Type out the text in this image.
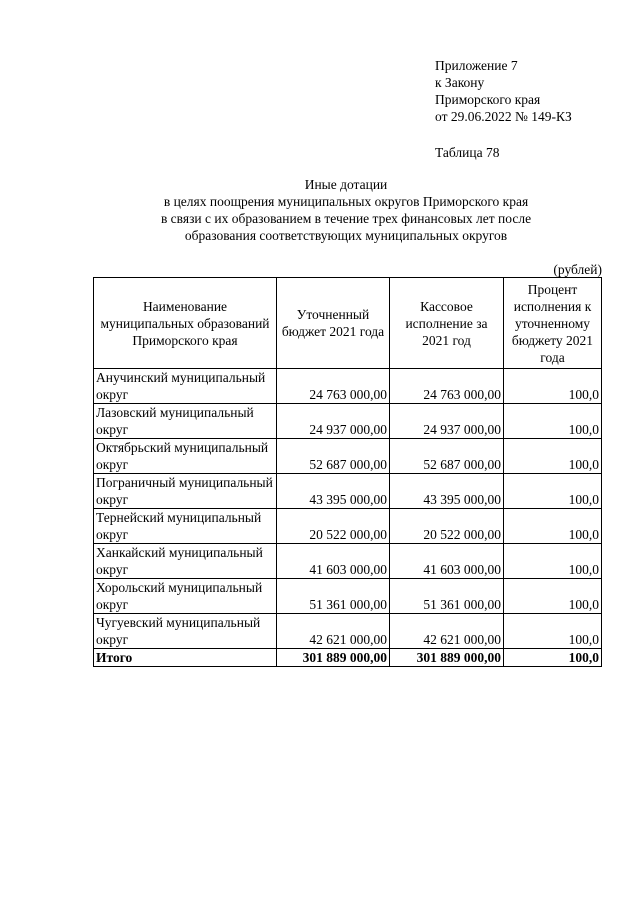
Приложение 7
к Закону
Приморского края
от 29.06.2022 № 149-КЗ
Таблица 78
Иные дотации
в целях поощрения муниципальных округов Приморского края
в связи с их образованием в течение трех финансовых лет после
образования соответствующих муниципальных округов
(рублей)
Наименование муниципальных образований Приморского края	Уточненный бюджет 2021 года	Кассовое исполнение за 2021 год	Процент исполнения к уточненному бюджету 2021 года
Анучинский муниципальный округ	24 763 000,00	24 763 000,00	100,0
Лазовский муниципальный округ	24 937 000,00	24 937 000,00	100,0
Октябрьский муниципальный округ	52 687 000,00	52 687 000,00	100,0
Пограничный муниципальный округ	43 395 000,00	43 395 000,00	100,0
Тернейский муниципальный округ	20 522 000,00	20 522 000,00	100,0
Ханкайский муниципальный округ	41 603 000,00	41 603 000,00	100,0
Хорольский муниципальный округ	51 361 000,00	51 361 000,00	100,0
Чугуевский муниципальный округ	42 621 000,00	42 621 000,00	100,0
Итого	301 889 000,00	301 889 000,00	100,0
